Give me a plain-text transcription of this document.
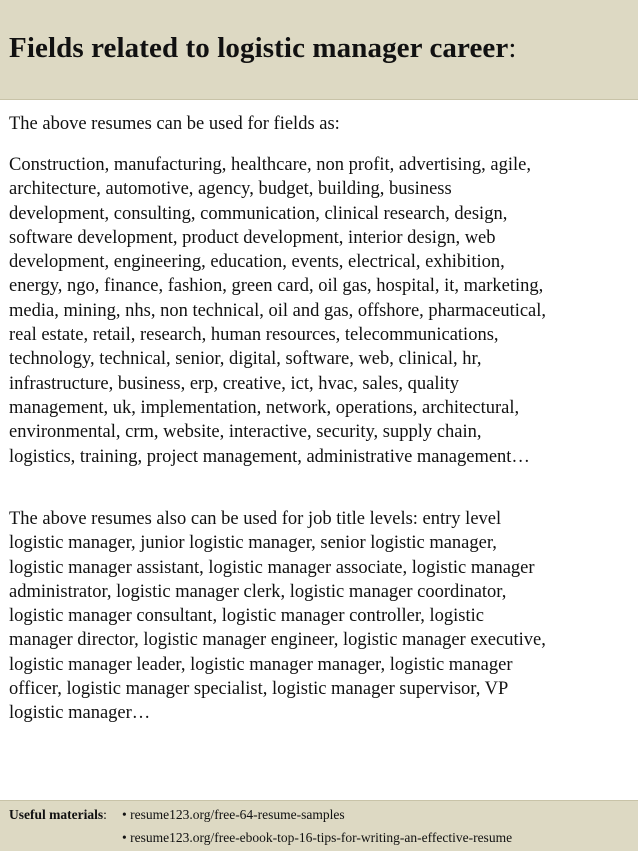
Fields related to logistic manager career:

The above resumes can be used for fields as:

Construction, manufacturing, healthcare, non profit, advertising, agile,
architecture, automotive, agency, budget, building, business
development, consulting, communication, clinical research, design,
software development, product development, interior design, web
development, engineering, education, events, electrical, exhibition,
energy, ngo, finance, fashion, green card, oil gas, hospital, it, marketing,
media, mining, nhs, non technical, oil and gas, offshore, pharmaceutical,
real estate, retail, research, human resources, telecommunications,
technology, technical, senior, digital, software, web, clinical, hr,
infrastructure, business, erp, creative, ict, hvac, sales, quality
management, uk, implementation, network, operations, architectural,
environmental, crm, website, interactive, security, supply chain,
logistics, training, project management, administrative management…

The above resumes also can be used for job title levels: entry level
logistic manager, junior logistic manager, senior logistic manager,
logistic manager assistant, logistic manager associate, logistic manager
administrator, logistic manager clerk, logistic manager coordinator,
logistic manager consultant, logistic manager controller, logistic
manager director, logistic manager engineer, logistic manager executive,
logistic manager leader, logistic manager manager, logistic manager
officer, logistic manager specialist, logistic manager supervisor, VP
logistic manager…

Useful materials: • resume123.org/free-64-resume-samples
• resume123.org/free-ebook-top-16-tips-for-writing-an-effective-resume
